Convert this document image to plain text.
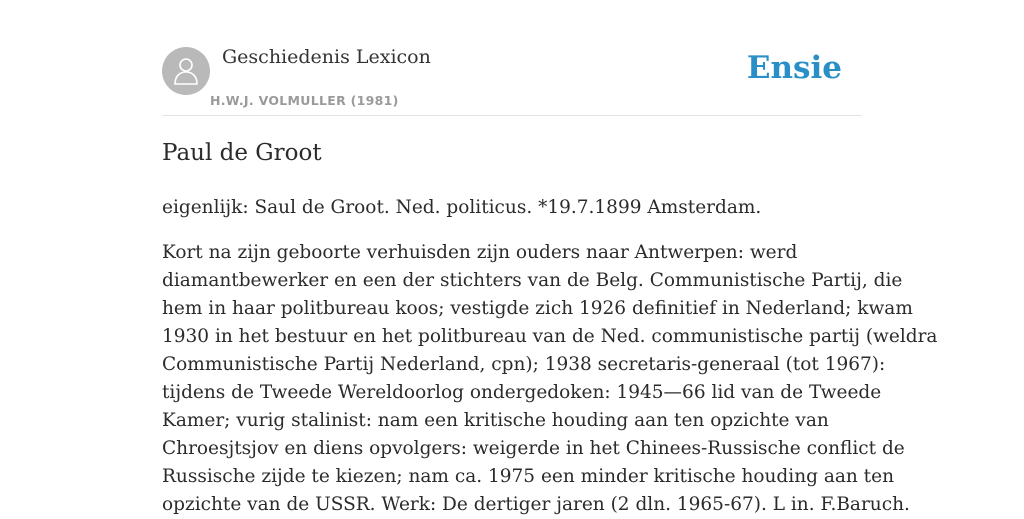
Geschiedenis Lexicon
H.W.J. VOLMULLER (1981)
Ensie
Paul de Groot

eigenlijk: Saul de Groot. Ned. politicus. *19.7.1899 Amsterdam.

Kort na zijn geboorte verhuisden zijn ouders naar Antwerpen: werd
diamantbewerker en een der stichters van de Belg. Communistische Partij, die
hem in haar politbureau koos; vestigde zich 1926 definitief in Nederland; kwam
1930 in het bestuur en het politbureau van de Ned. communistische partij (weldra
Communistische Partij Nederland, cpn); 1938 secretaris-generaal (tot 1967):
tijdens de Tweede Wereldoorlog ondergedoken: 1945—66 lid van de Tweede
Kamer; vurig stalinist: nam een kritische houding aan ten opzichte van
Chroesjtsjov en diens opvolgers: weigerde in het Chinees-Russische conflict de
Russische zijde te kiezen; nam ca. 1975 een minder kritische houding aan ten
opzichte van de USSR. Werk: De dertiger jaren (2 dln. 1965-67). L in. F.Baruch.
